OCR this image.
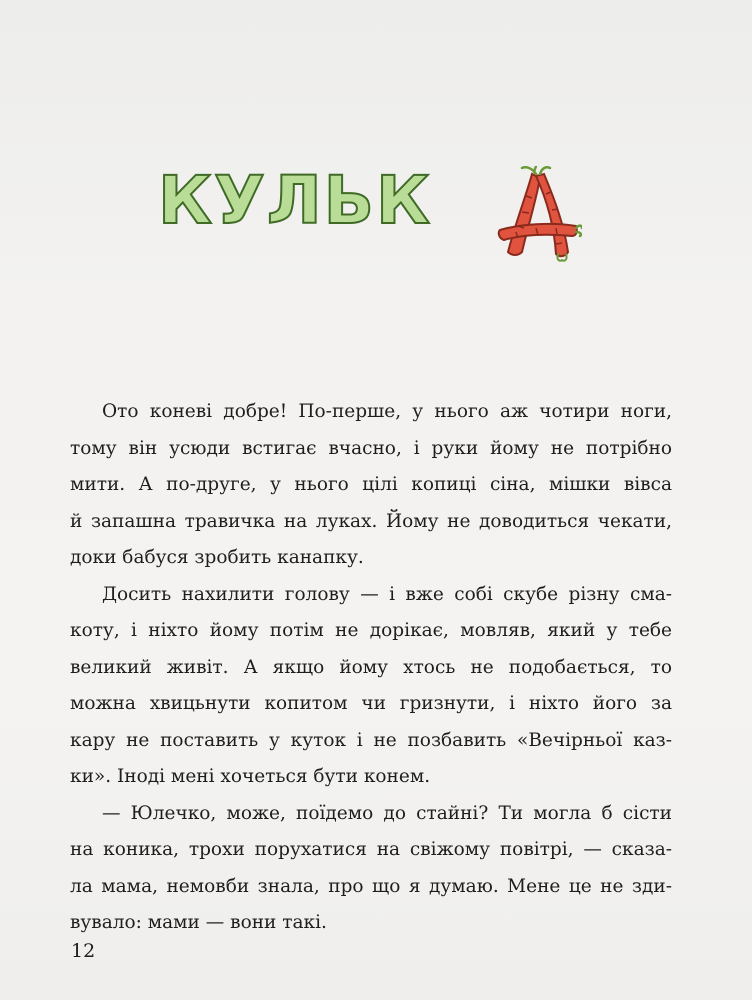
КУЛЬК
Ото коневі добре! По-перше, у нього аж чотири ноги,
тому він усюди встигає вчасно, і руки йому не потрібно
мити. А по-друге, у нього цілі копиці сіна, мішки вівса
й запашна травичка на луках. Йому не доводиться чекати,
доки бабуся зробить канапку.
Досить нахилити голову — і вже собі скубе різну сма-
коту, і ніхто йому потім не дорікає, мовляв, який у тебе
великий живіт. А якщо йому хтось не подобається, то
можна хвицьнути копитом чи гризнути, і ніхто його за
кару не поставить у куток і не позбавить «Вечірньої каз-
ки». Іноді мені хочеться бути конем.
— Юлечко, може, поїдемо до стайні? Ти могла б сісти
на коника, трохи порухатися на свіжому повітрі, — сказа-
ла мама, немовби знала, про що я думаю. Мене це не зди-
вувало: мами — вони такі.
12
